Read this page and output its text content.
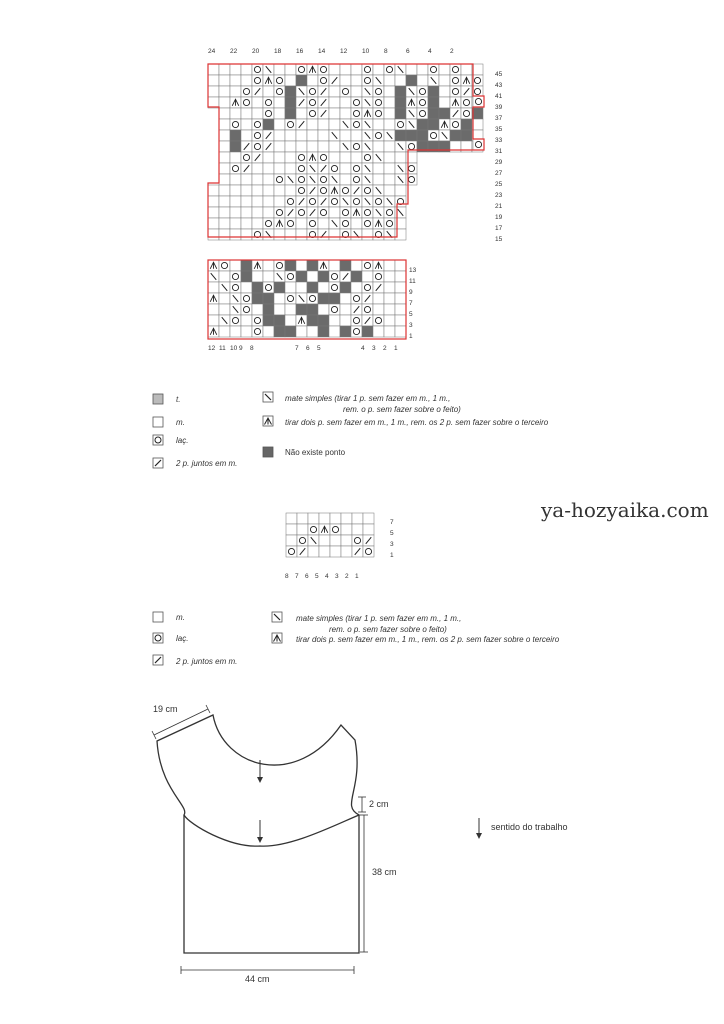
24 22 20 18 16 14 12 10 8	6	4	2
45
43
41
39
37
35
33
31
29
27
25
23
21
19
17
15
12 11 10 9 8	7 6 5	4 3 2 1
13
11
9
7
5
3
1
t.
m.
laç.
2 p. juntos em m.
mate simples (tirar 1 p. sem fazer em m., 1 m.,
rem. o p. sem fazer sobre o feito)
tirar dois p. sem fazer em m., 1 m., rem. os 2 p. sem fazer sobre o terceiro
Não existe ponto
ya-hozyaika.com
8 7 6 5 4 3 2 1
7
5
3
1
m.
laç.
2 p. juntos em m.
mate simples (tirar 1 p. sem fazer em m., 1 m.,
rem. o p. sem fazer sobre o feito)
tirar dois p. sem fazer em m., 1 m., rem. os 2 p. sem fazer sobre o terceiro
19 cm
2 cm
38 cm
44 cm
sentido do trabalho
